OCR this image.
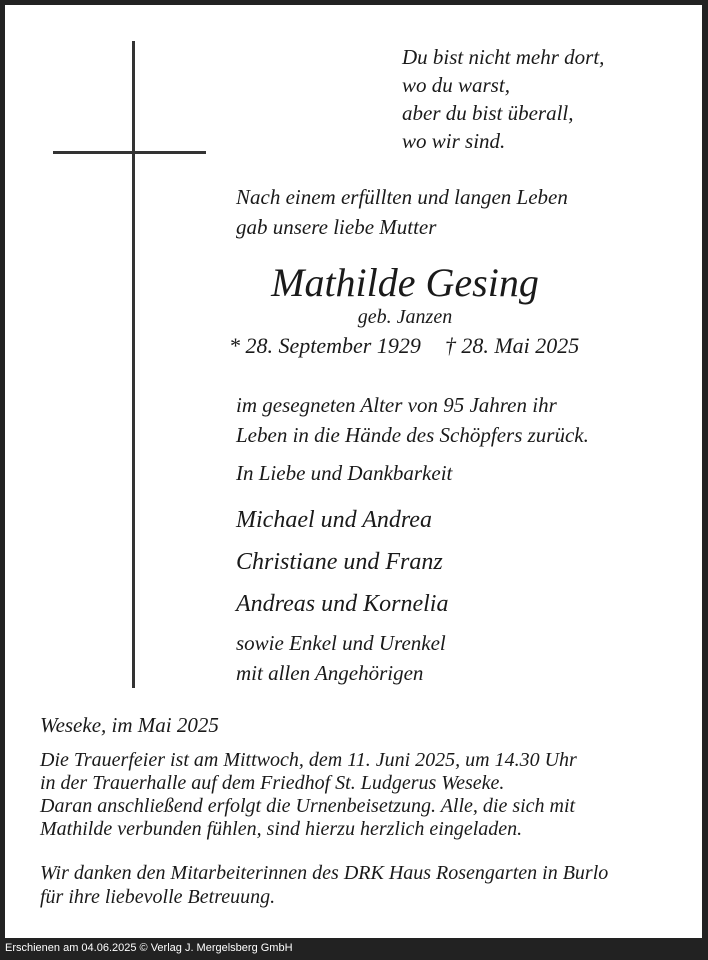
Du bist nicht mehr dort,
wo du warst,
aber du bist überall,
wo wir sind.
Nach einem erfüllten und langen Leben
gab unsere liebe Mutter
Mathilde Gesing
geb. Janzen
* 28. September 1929 † 28. Mai 2025
im gesegneten Alter von 95 Jahren ihr
Leben in die Hände des Schöpfers zurück.
In Liebe und Dankbarkeit
Michael und Andrea
Christiane und Franz
Andreas und Kornelia
sowie Enkel und Urenkel
mit allen Angehörigen
Weseke, im Mai 2025
Die Trauerfeier ist am Mittwoch, dem 11. Juni 2025, um 14.30 Uhr
in der Trauerhalle auf dem Friedhof St. Ludgerus Weseke.
Daran anschließend erfolgt die Urnenbeisetzung. Alle, die sich mit
Mathilde verbunden fühlen, sind hierzu herzlich eingeladen.
Wir danken den Mitarbeiterinnen des DRK Haus Rosengarten in Burlo
für ihre liebevolle Betreuung.
Erschienen am 04.06.2025 © Verlag J. Mergelsberg GmbH
